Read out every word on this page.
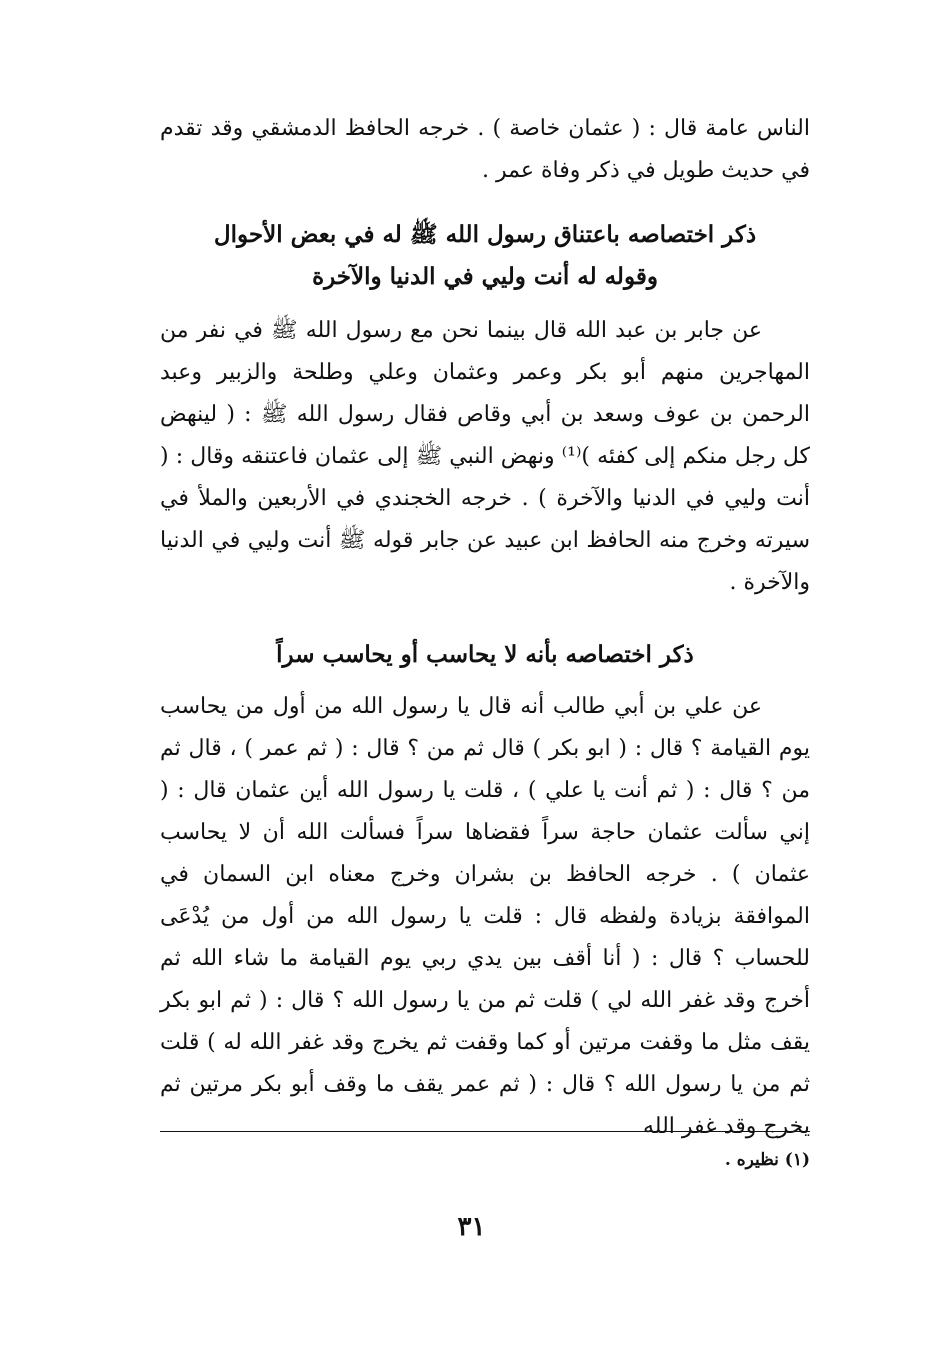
الناس عامة قال : ( عثمان خاصة ) . خرجه الحافظ الدمشقي وقد تقدم في حديث طويل في ذكر وفاة عمر .

ذكر اختصاصه باعتناق رسول الله ﷺ له في بعض الأحوال

وقوله له أنت وليي في الدنيا والآخرة

عن جابر بن عبد الله قال بينما نحن مع رسول الله ﷺ في نفر من المهاجرين منهم أبو بكر وعمر وعثمان وعلي وطلحة والزبير وعبد الرحمن بن عوف وسعد بن أبي وقاص فقال رسول الله ﷺ : ( لينهض كل رجل منكم إلى كفئه )⁽¹⁾ ونهض النبي ﷺ إلى عثمان فاعتنقه وقال : ( أنت وليي في الدنيا والآخرة ) . خرجه الخجندي في الأربعين والملأ في سيرته وخرج منه الحافظ ابن عبيد عن جابر قوله ﷺ أنت وليي في الدنيا والآخرة .

ذكر اختصاصه بأنه لا يحاسب أو يحاسب سراً

عن علي بن أبي طالب أنه قال يا رسول الله من أول من يحاسب يوم القيامة ؟ قال : ( ابو بكر ) قال ثم من ؟ قال : ( ثم عمر ) ، قال ثم من ؟ قال : ( ثم أنت يا علي ) ، قلت يا رسول الله أين عثمان قال : ( إني سألت عثمان حاجة سراً فقضاها سراً فسألت الله أن لا يحاسب عثمان ) . خرجه الحافظ بن بشران وخرج معناه ابن السمان في الموافقة بزيادة ولفظه قال : قلت يا رسول الله من أول من يُدْعَى للحساب ؟ قال : ( أنا أقف بين يدي ربي يوم القيامة ما شاء الله ثم أخرج وقد غفر الله لي ) قلت ثم من يا رسول الله ؟ قال : ( ثم ابو بكر يقف مثل ما وقفت مرتين أو كما وقفت ثم يخرج وقد غفر الله له ) قلت ثم من يا رسول الله ؟ قال : ( ثم عمر يقف ما وقف أبو بكر مرتين ثم يخرج وقد غفر الله

(١) نظيره .
٣١
